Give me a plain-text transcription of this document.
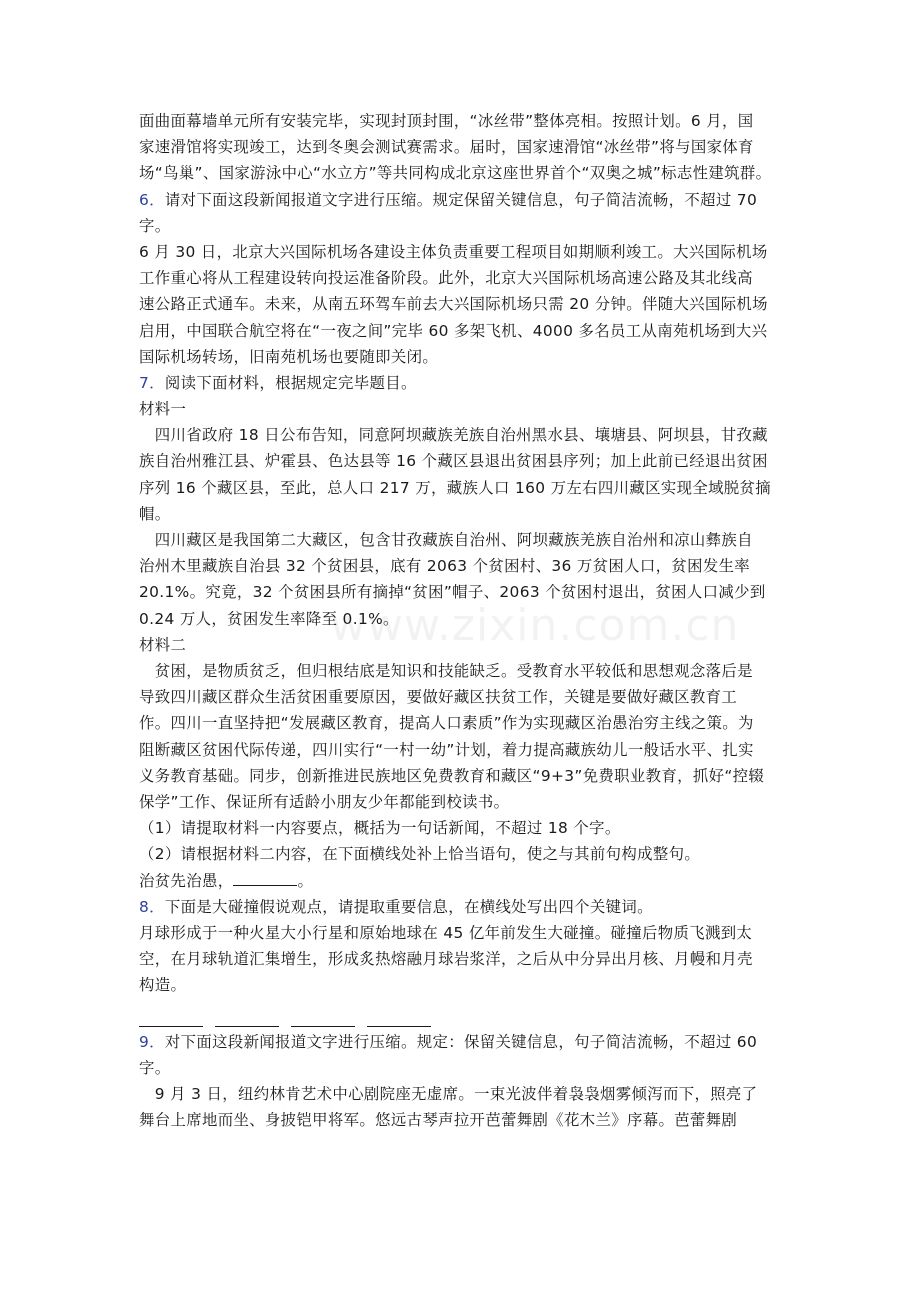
www.zixin.com.cn
面曲面幕墙单元所有安装完毕，实现封顶封围，“冰丝带”整体亮相。按照计划。6 月，国
家速滑馆将实现竣工，达到冬奥会测试赛需求。届时，国家速滑馆“冰丝带”将与国家体育
场“鸟巢”、国家游泳中心“水立方”等共同构成北京这座世界首个“双奥之城”标志性建筑群。
6．请对下面这段新闻报道文字进行压缩。规定保留关键信息，句子简洁流畅，不超过 70
字。
6 月 30 日，北京大兴国际机场各建设主体负责重要工程项目如期顺利竣工。大兴国际机场
工作重心将从工程建设转向投运准备阶段。此外，北京大兴国际机场高速公路及其北线高
速公路正式通车。未来，从南五环驾车前去大兴国际机场只需 20 分钟。伴随大兴国际机场
启用，中国联合航空将在“一夜之间”完毕 60 多架飞机、4000 多名员工从南苑机场到大兴
国际机场转场，旧南苑机场也要随即关闭。
7．阅读下面材料，根据规定完毕题目。
材料一
　四川省政府 18 日公布告知，同意阿坝藏族羌族自治州黑水县、壤塘县、阿坝县，甘孜藏
族自治州雅江县、炉霍县、色达县等 16 个藏区县退出贫困县序列；加上此前已经退出贫困
序列 16 个藏区县，至此，总人口 217 万，藏族人口 160 万左右四川藏区实现全域脱贫摘
帽。
　四川藏区是我国第二大藏区，包含甘孜藏族自治州、阿坝藏族羌族自治州和凉山彝族自
治州木里藏族自治县 32 个贫困县，底有 2063 个贫困村、36 万贫困人口，贫困发生率
20.1%。究竟，32 个贫困县所有摘掉“贫困”帽子、2063 个贫困村退出，贫困人口减少到
0.24 万人，贫困发生率降至 0.1%。
材料二
　贫困，是物质贫乏，但归根结底是知识和技能缺乏。受教育水平较低和思想观念落后是
导致四川藏区群众生活贫困重要原因，要做好藏区扶贫工作，关键是要做好藏区教育工
作。四川一直坚持把“发展藏区教育，提高人口素质”作为实现藏区治愚治穷主线之策。为
阻断藏区贫困代际传递，四川实行“一村一幼”计划，着力提高藏族幼儿一般话水平、扎实
义务教育基础。同步，创新推进民族地区免费教育和藏区“9+3”免费职业教育，抓好“控辍
保学”工作、保证所有适龄小朋友少年都能到校读书。
（1）请提取材料一内容要点，概括为一句话新闻，不超过 18 个字。
（2）请根据材料二内容，在下面横线处补上恰当语句，使之与其前句构成整句。
治贫先治愚，	。
8．下面是大碰撞假说观点，请提取重要信息，在横线处写出四个关键词。
月球形成于一种火星大小行星和原始地球在 45 亿年前发生大碰撞。碰撞后物质飞溅到太
空，在月球轨道汇集增生，形成炙热熔融月球岩浆洋，之后从中分异出月核、月幔和月壳
构造。
9．对下面这段新闻报道文字进行压缩。规定：保留关键信息，句子简洁流畅，不超过 60
字。
　9 月 3 日，纽约林肯艺术中心剧院座无虚席。一束光波伴着袅袅烟雾倾泻而下，照亮了
舞台上席地而坐、身披铠甲将军。悠远古琴声拉开芭蕾舞剧《花木兰》序幕。芭蕾舞剧
